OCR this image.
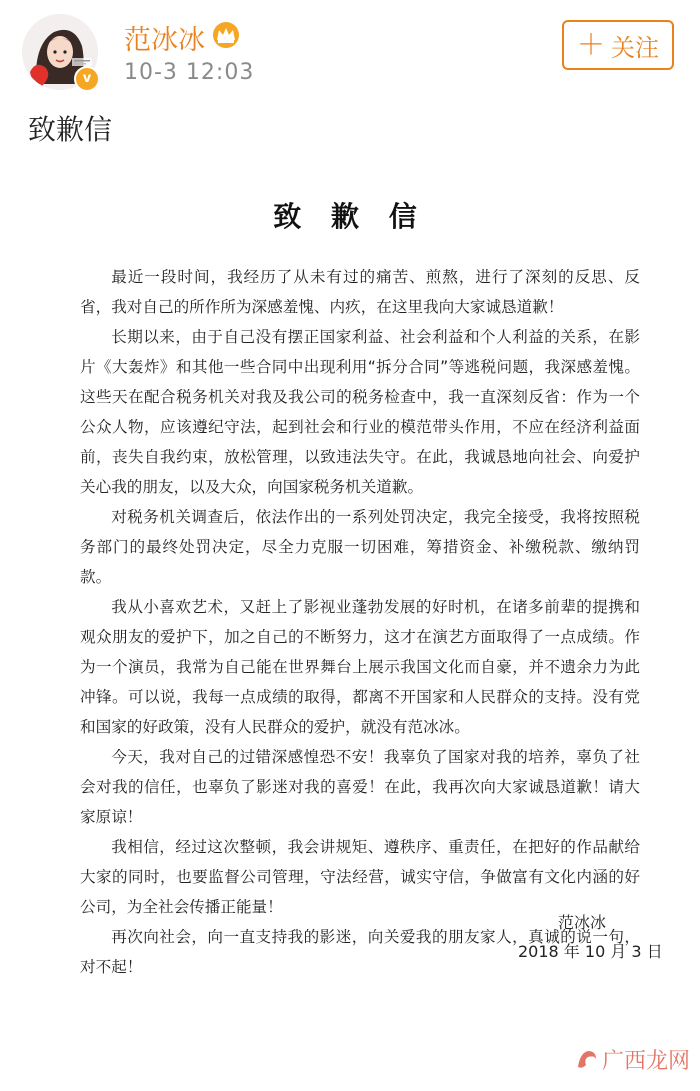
v
范冰冰
10-3 12:03
＋ 关注
致歉信
致 歉 信

最近一段时间，我经历了从未有过的痛苦、煎熬，进行了深刻的反思、反省，我对自己的所作所为深感羞愧、内疚，在这里我向大家诚恳道歉！

长期以来，由于自己没有摆正国家利益、社会利益和个人利益的关系，在影片《大轰炸》和其他一些合同中出现利用“拆分合同”等逃税问题，我深感羞愧。这些天在配合税务机关对我及我公司的税务检查中，我一直深刻反省：作为一个公众人物，应该遵纪守法，起到社会和行业的模范带头作用，不应在经济利益面前，丧失自我约束，放松管理，以致违法失守。在此，我诚恳地向社会、向爱护关心我的朋友，以及大众，向国家税务机关道歉。

对税务机关调查后，依法作出的一系列处罚决定，我完全接受，我将按照税务部门的最终处罚决定，尽全力克服一切困难，筹措资金、补缴税款、缴纳罚款。

我从小喜欢艺术，又赶上了影视业蓬勃发展的好时机，在诸多前辈的提携和观众朋友的爱护下，加之自己的不断努力，这才在演艺方面取得了一点成绩。作为一个演员，我常为自己能在世界舞台上展示我国文化而自豪，并不遗余力为此冲锋。可以说，我每一点成绩的取得，都离不开国家和人民群众的支持。没有党和国家的好政策，没有人民群众的爱护，就没有范冰冰。

今天，我对自己的过错深感惶恐不安！我辜负了国家对我的培养，辜负了社会对我的信任，也辜负了影迷对我的喜爱！在此，我再次向大家诚恳道歉！请大家原谅！

我相信，经过这次整顿，我会讲规矩、遵秩序、重责任，在把好的作品献给大家的同时，也要监督公司管理，守法经营，诚实守信，争做富有文化内涵的好公司，为全社会传播正能量！

再次向社会，向一直支持我的影迷，向关爱我的朋友家人，真诚的说一句，对不起！

范冰冰
2018 年 10 月 3 日
广西龙网
